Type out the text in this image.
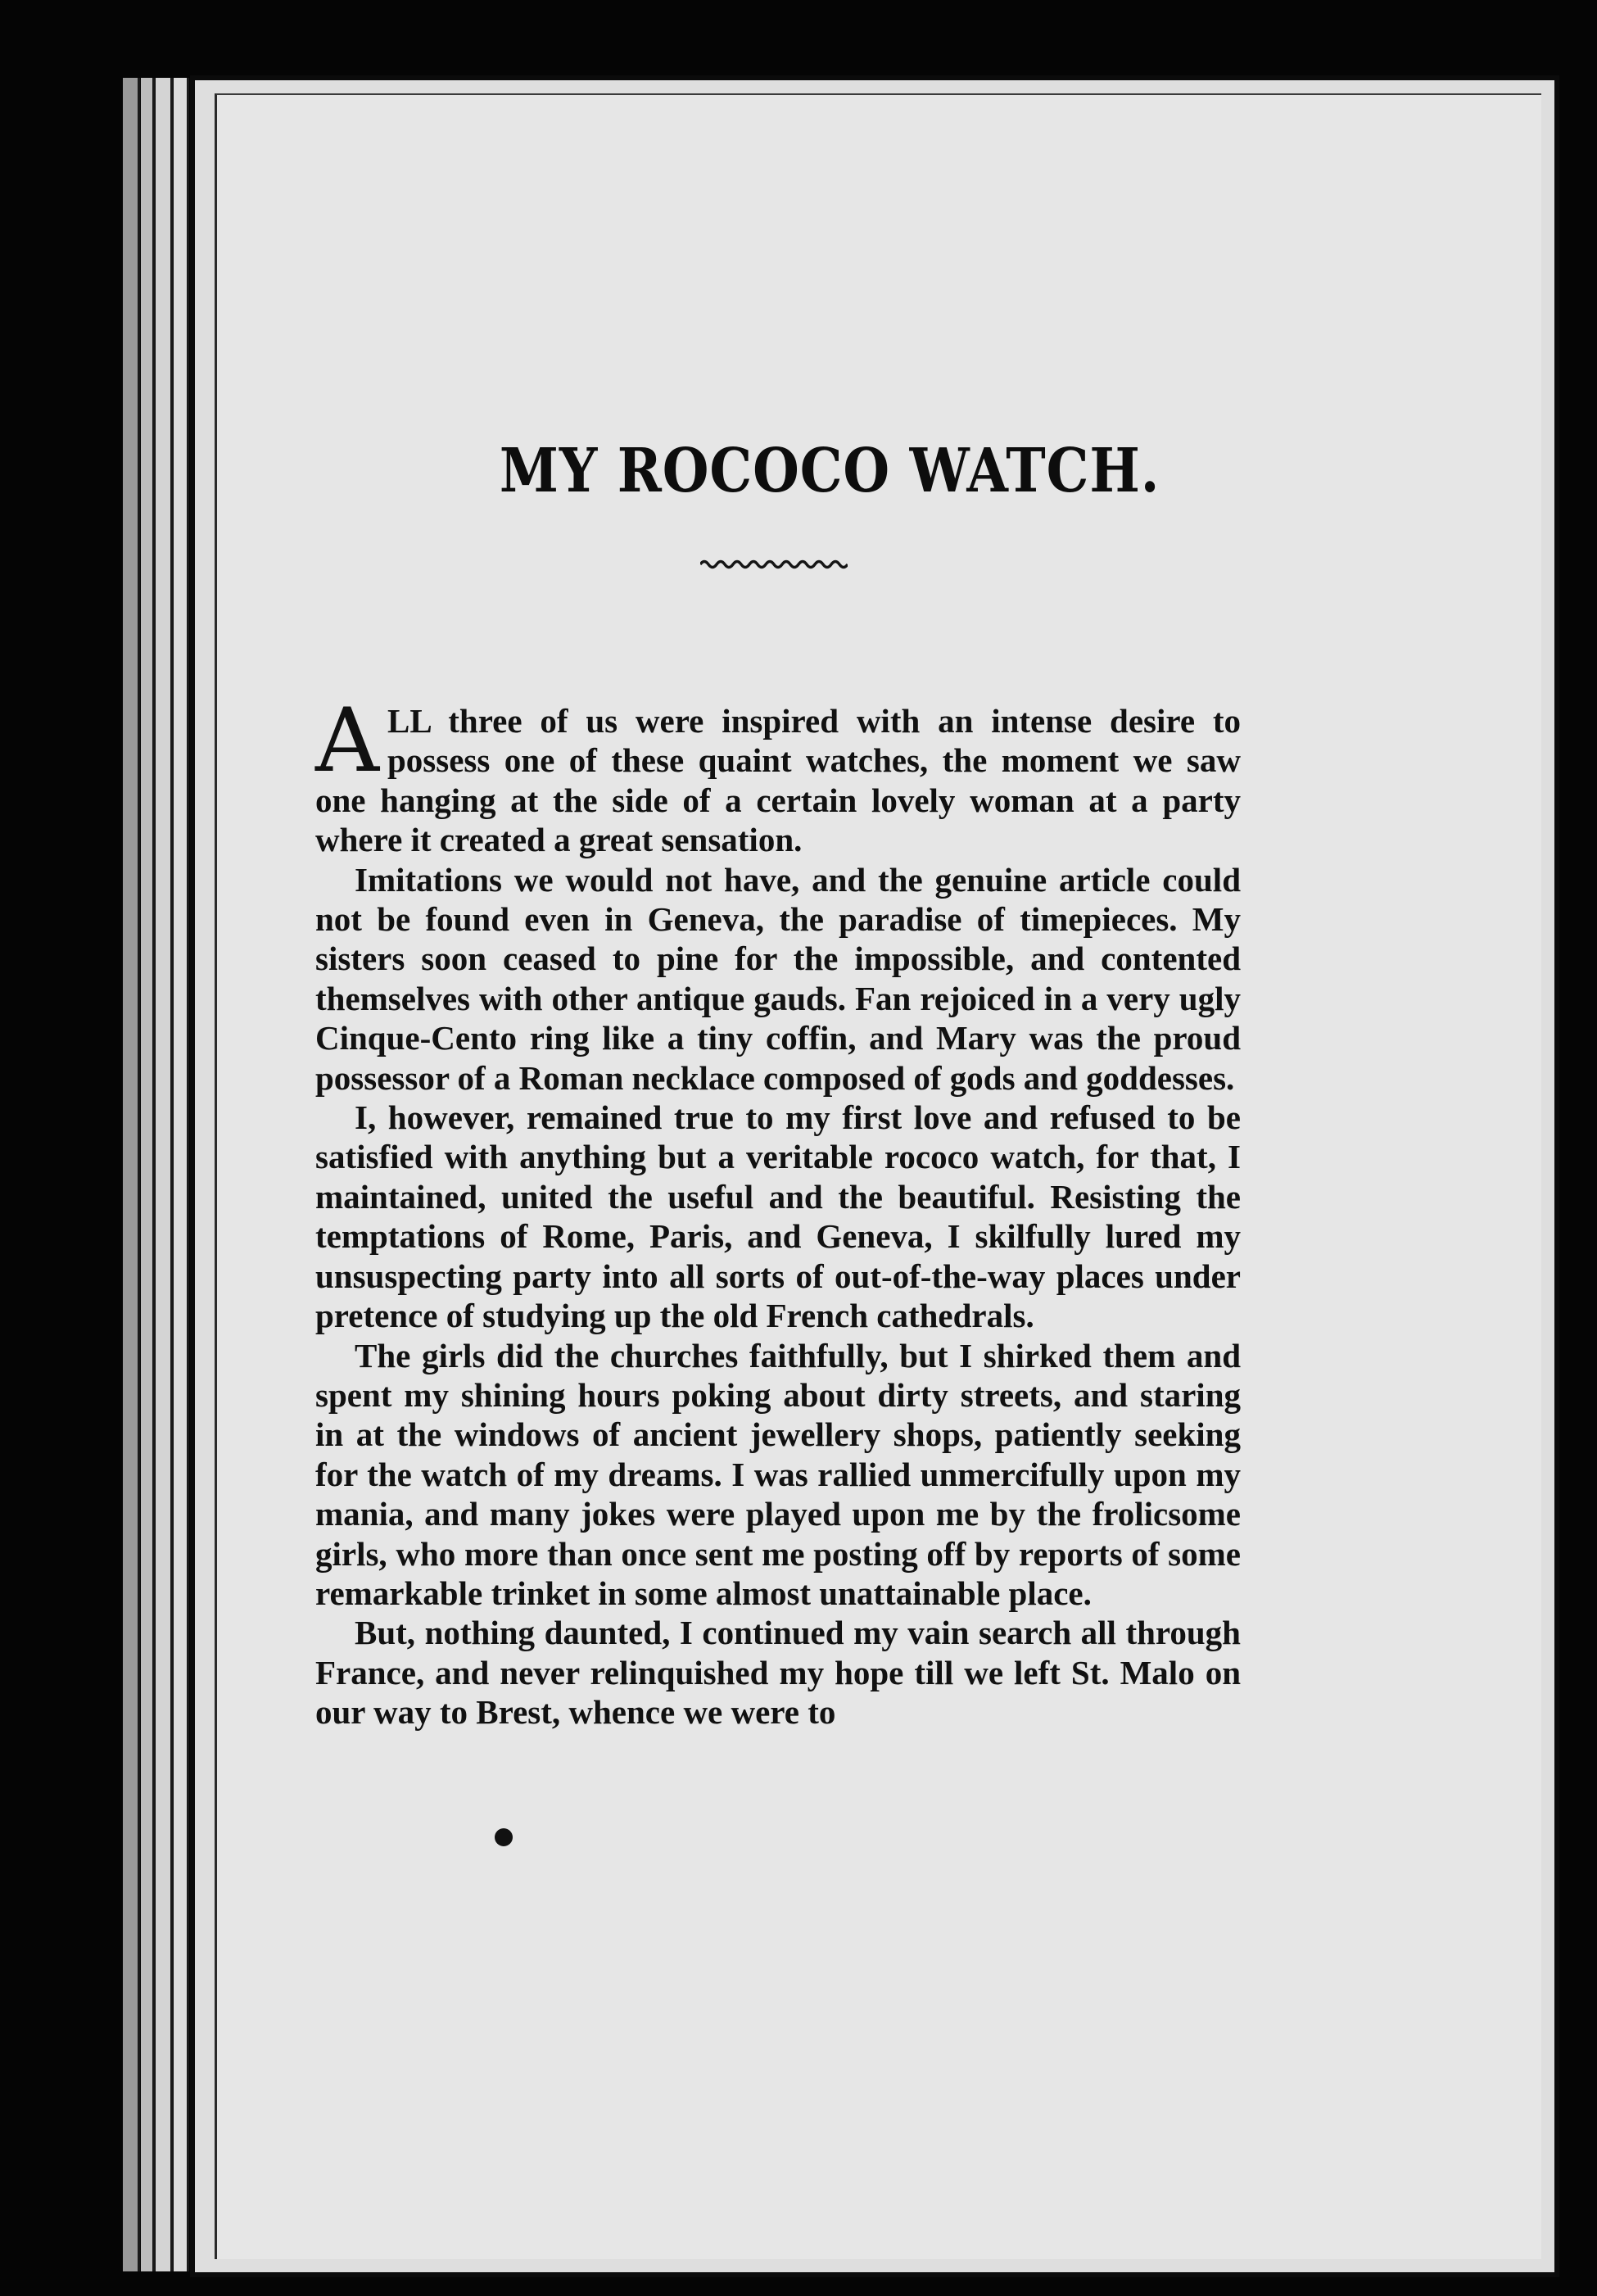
MY ROCOCO WATCH.

ALL three of us were inspired with an intense desire to possess one of these quaint watches, the moment we saw one hanging at the side of a certain lovely woman at a party where it created a great sensation.

Imitations we would not have, and the genuine article could not be found even in Geneva, the paradise of timepieces. My sisters soon ceased to pine for the impossible, and contented themselves with other antique gauds. Fan rejoiced in a very ugly Cinque-Cento ring like a tiny coffin, and Mary was the proud possessor of a Roman necklace composed of gods and goddesses.

I, however, remained true to my first love and refused to be satisfied with anything but a veritable rococo watch, for that, I maintained, united the useful and the beautiful. Resisting the temptations of Rome, Paris, and Geneva, I skilfully lured my unsuspecting party into all sorts of out-of-the-way places under pretence of studying up the old French cathedrals.

The girls did the churches faithfully, but I shirked them and spent my shining hours poking about dirty streets, and staring in at the windows of ancient jewellery shops, patiently seeking for the watch of my dreams. I was rallied unmercifully upon my mania, and many jokes were played upon me by the frolicsome girls, who more than once sent me posting off by reports of some remarkable trinket in some almost unattainable place.

But, nothing daunted, I continued my vain search all through France, and never relinquished my hope till we left St. Malo on our way to Brest, whence we were to
